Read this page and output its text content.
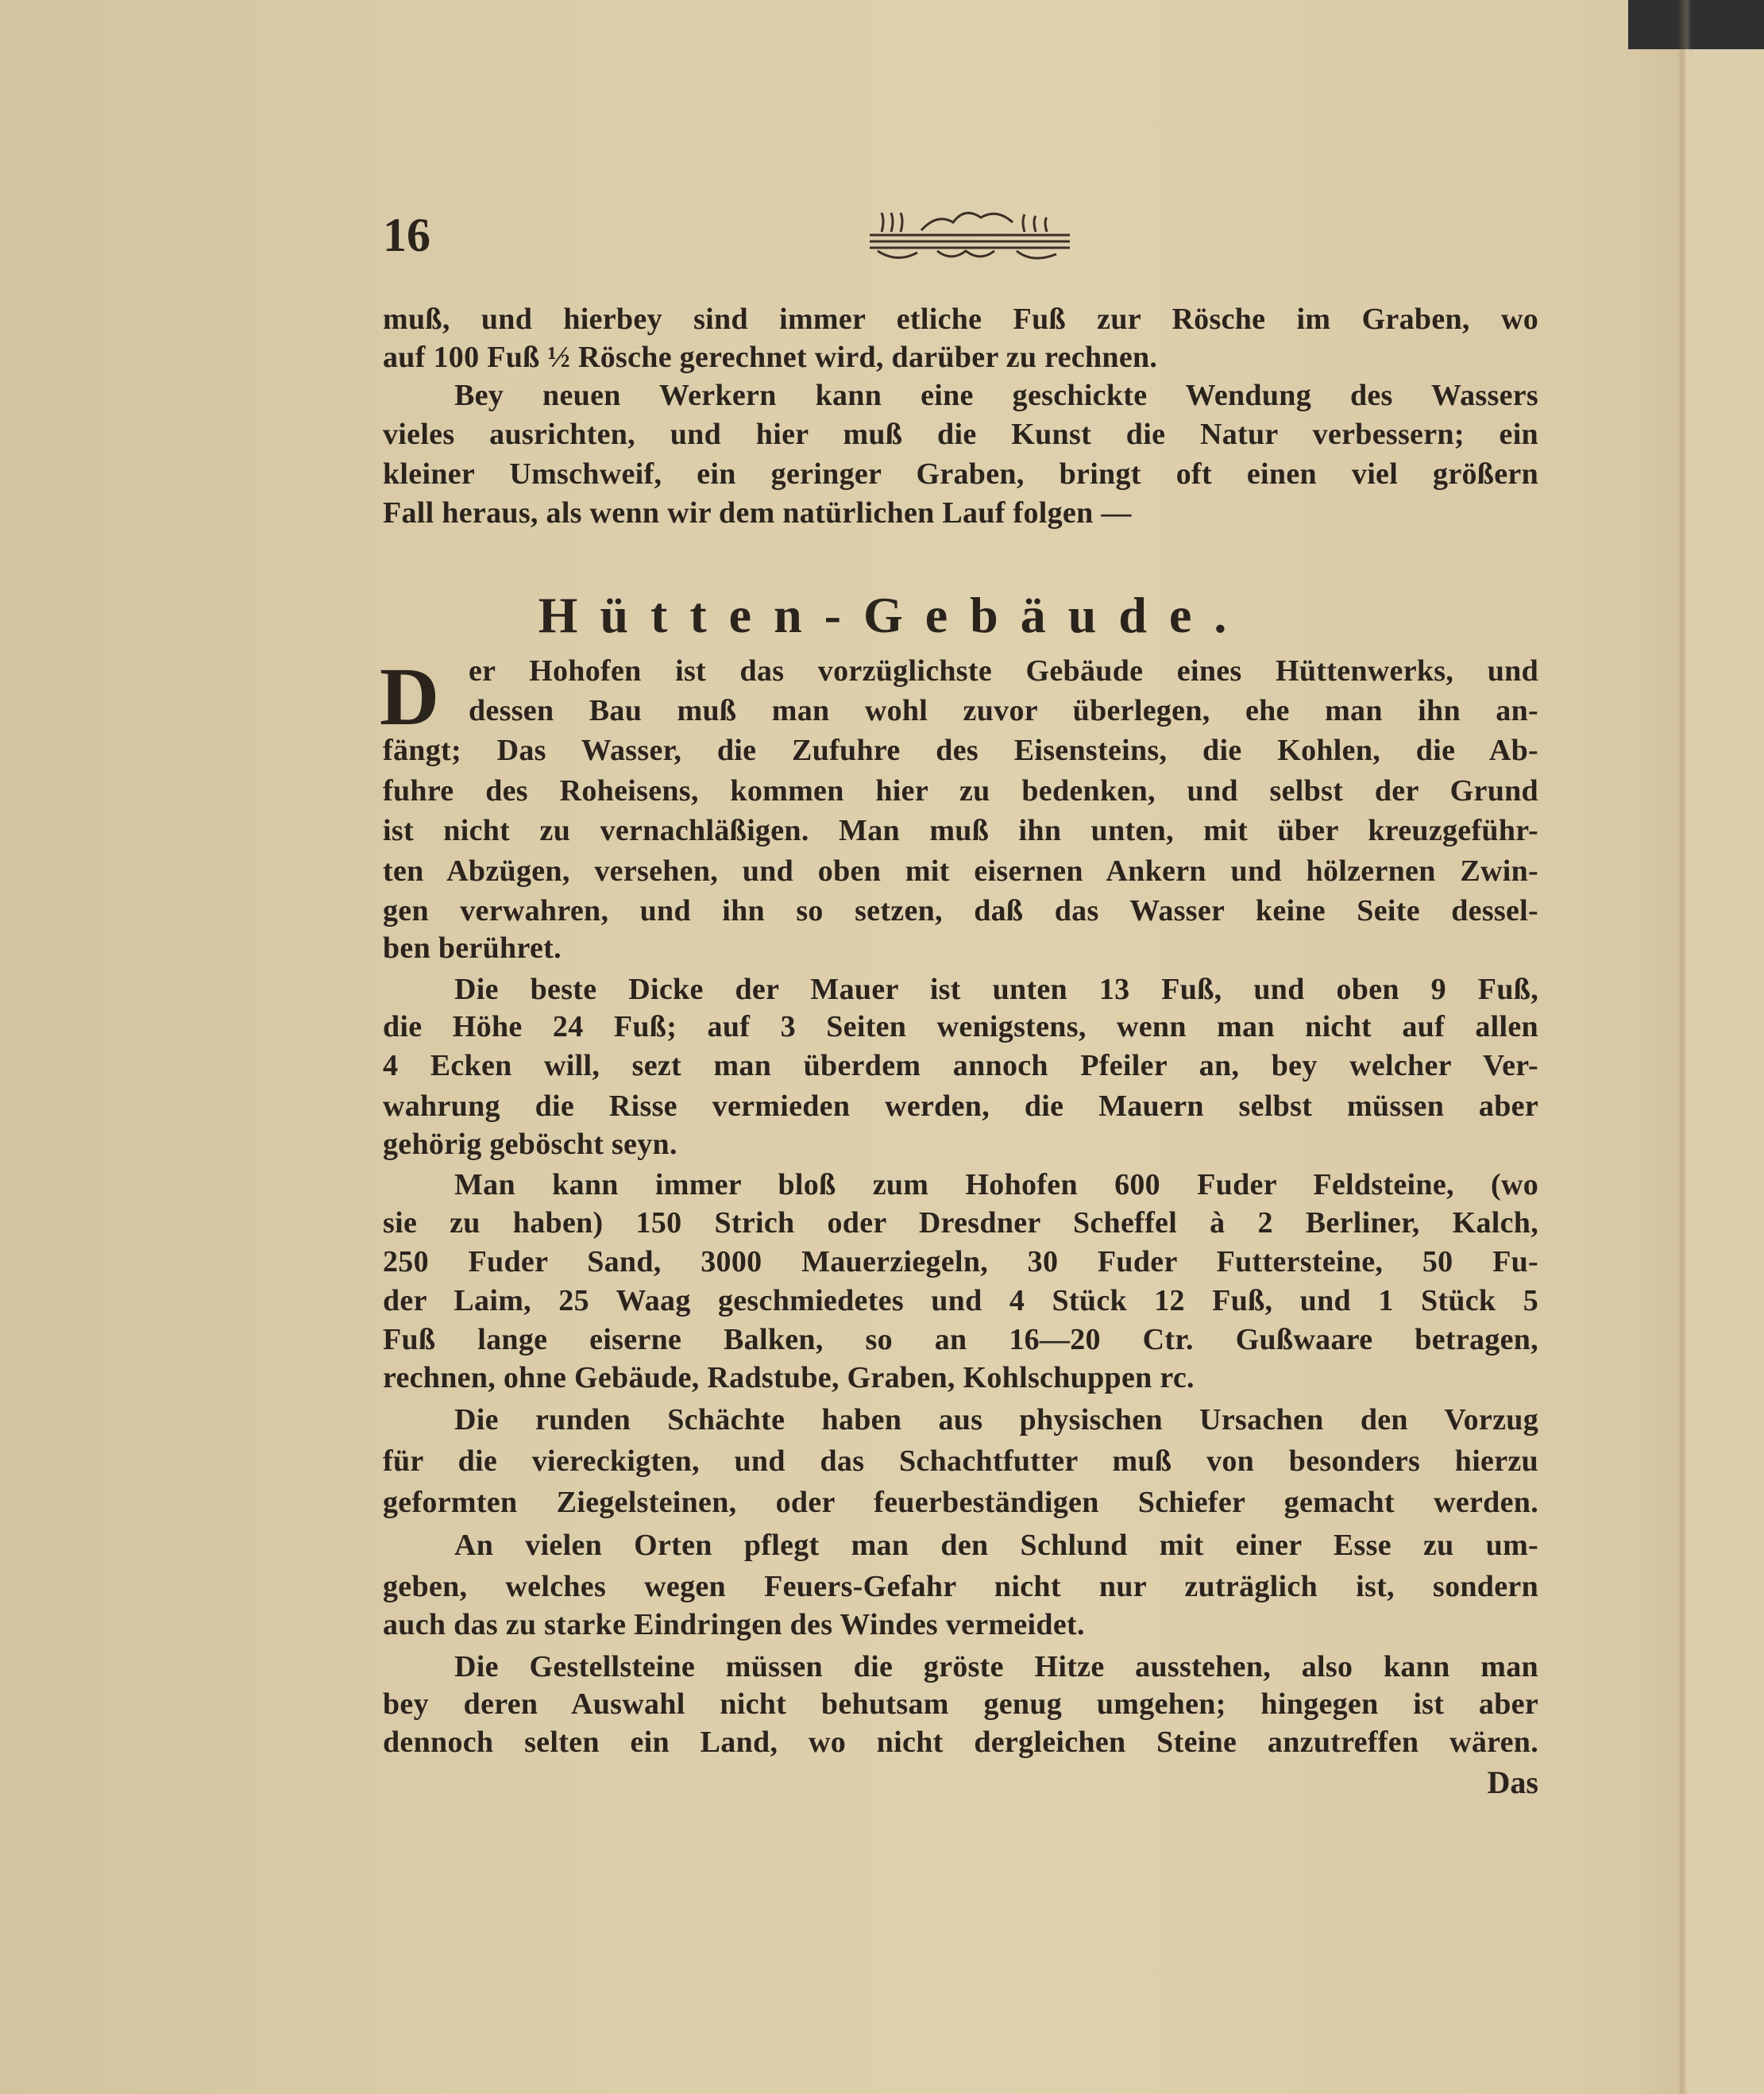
16
muß, und hierbey sind immer etliche Fuß zur Rösche im Graben, wo
auf 100 Fuß ½ Rösche gerechnet wird, darüber zu rechnen.
Bey neuen Werkern kann eine geschickte Wendung des Wassers
vieles ausrichten, und hier muß die Kunst die Natur verbessern; ein
kleiner Umschweif, ein geringer Graben, bringt oft einen viel größern
Fall heraus, als wenn wir dem natürlichen Lauf folgen —
Hütten-Gebäude.
D er Hohofen ist das vorzüglichste Gebäude eines Hüttenwerks, und
dessen Bau muß man wohl zuvor überlegen, ehe man ihn an-
fängt; Das Wasser, die Zufuhre des Eisensteins, die Kohlen, die Ab-
fuhre des Roheisens, kommen hier zu bedenken, und selbst der Grund
ist nicht zu vernachläßigen. Man muß ihn unten, mit über kreuzgeführ-
ten Abzügen, versehen, und oben mit eisernen Ankern und hölzernen Zwin-
gen verwahren, und ihn so setzen, daß das Wasser keine Seite dessel-
ben berühret.
Die beste Dicke der Mauer ist unten 13 Fuß, und oben 9 Fuß,
die Höhe 24 Fuß; auf 3 Seiten wenigstens, wenn man nicht auf allen
4 Ecken will, sezt man überdem annoch Pfeiler an, bey welcher Ver-
wahrung die Risse vermieden werden, die Mauern selbst müssen aber
gehörig geböscht seyn.
Man kann immer bloß zum Hohofen 600 Fuder Feldsteine, (wo
sie zu haben) 150 Strich oder Dresdner Scheffel à 2 Berliner, Kalch,
250 Fuder Sand, 3000 Mauerziegeln, 30 Fuder Futtersteine, 50 Fu-
der Laim, 25 Waag geschmiedetes und 4 Stück 12 Fuß, und 1 Stück 5
Fuß lange eiserne Balken, so an 16—20 Ctr. Gußwaare betragen,
rechnen, ohne Gebäude, Radstube, Graben, Kohlschuppen rc.
Die runden Schächte haben aus physischen Ursachen den Vorzug
für die viereckigten, und das Schachtfutter muß von besonders hierzu
geformten Ziegelsteinen, oder feuerbeständigen Schiefer gemacht werden.
An vielen Orten pflegt man den Schlund mit einer Esse zu um-
geben, welches wegen Feuers-Gefahr nicht nur zuträglich ist, sondern
auch das zu starke Eindringen des Windes vermeidet.
Die Gestellsteine müssen die gröste Hitze ausstehen, also kann man
bey deren Auswahl nicht behutsam genug umgehen; hingegen ist aber
dennoch selten ein Land, wo nicht dergleichen Steine anzutreffen wären.
Das
